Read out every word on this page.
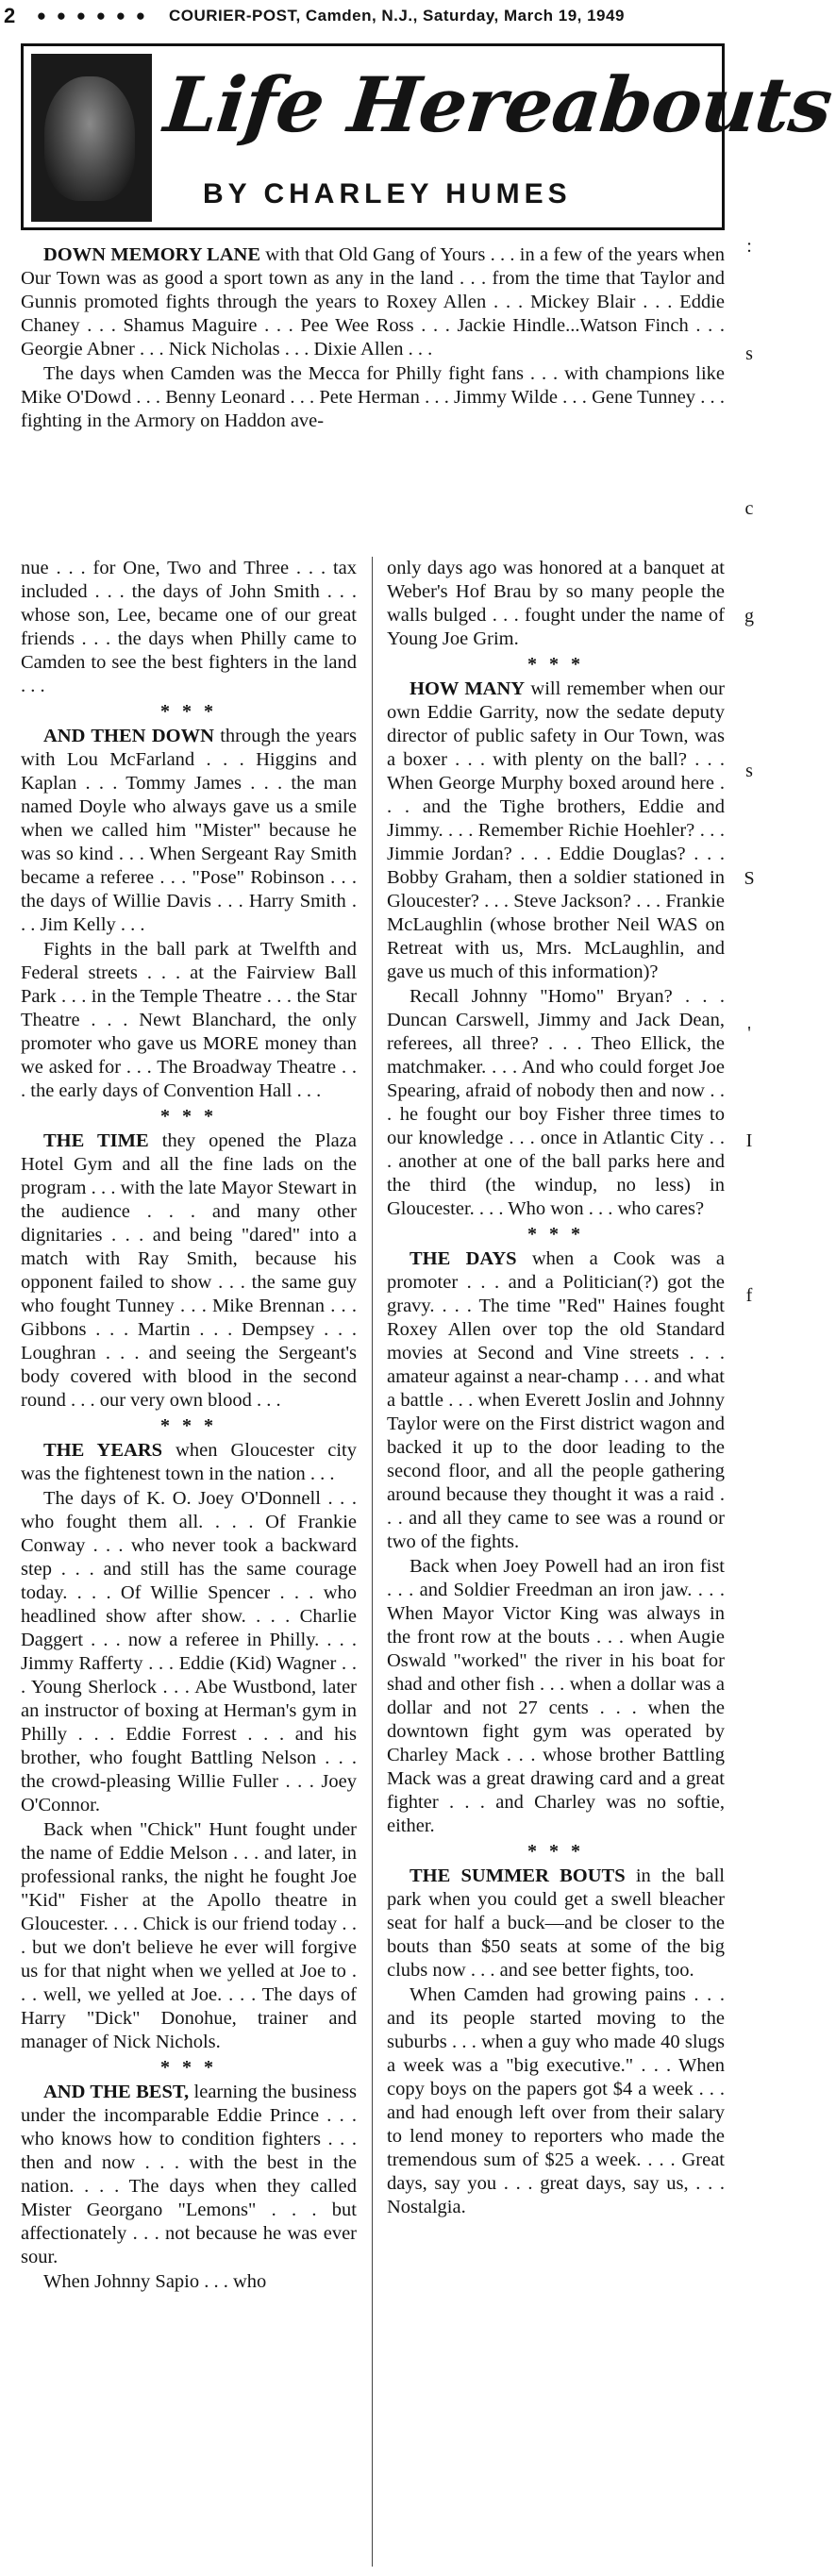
2 ● ● ● ● ● ● COURIER-POST, Camden, N.J., Saturday, March 19, 1949
:
s
c
g
s
S
'
I
f
Life Hereabouts
BY CHARLEY HUMES

DOWN MEMORY LANE with that Old Gang of Yours . . . in a few of the years when Our Town was as good a sport town as any in the land . . . from the time that Taylor and Gunnis promoted fights through the years to Roxey Allen . . . Mickey Blair . . . Eddie Chaney . . . Shamus Maguire . . . Pee Wee Ross . . . Jackie Hindle...Watson Finch . . . Georgie Abner . . . Nick Nicholas . . . Dixie Allen . . .

The days when Camden was the Mecca for Philly fight fans . . . with champions like Mike O'Dowd . . . Benny Leonard . . . Pete Herman . . . Jimmy Wilde . . . Gene Tunney . . . fighting in the Armory on Haddon ave-

nue . . . for One, Two and Three . . . tax included . . . the days of John Smith . . . whose son, Lee, became one of our great friends . . . the days when Philly came to Camden to see the best fighters in the land . . .

* * *

AND THEN DOWN through the years with Lou McFarland . . . Higgins and Kaplan . . . Tommy James . . . the man named Doyle who always gave us a smile when we called him "Mister" because he was so kind . . . When Sergeant Ray Smith became a referee . . . "Pose" Robinson . . . the days of Willie Davis . . . Harry Smith . . . Jim Kelly . . .

Fights in the ball park at Twelfth and Federal streets . . . at the Fairview Ball Park . . . in the Temple Theatre . . . the Star Theatre . . . Newt Blanchard, the only promoter who gave us MORE money than we asked for . . . The Broadway Theatre . . . the early days of Convention Hall . . .

* * *

THE TIME they opened the Plaza Hotel Gym and all the fine lads on the program . . . with the late Mayor Stewart in the audience . . . and many other dignitaries . . . and being "dared" into a match with Ray Smith, because his opponent failed to show . . . the same guy who fought Tunney . . . Mike Brennan . . . Gibbons . . . Martin . . . Dempsey . . . Loughran . . . and seeing the Sergeant's body covered with blood in the second round . . . our very own blood . . .

* * *

THE YEARS when Gloucester city was the fightenest town in the nation . . .

The days of K. O. Joey O'Donnell . . . who fought them all. . . . Of Frankie Conway . . . who never took a backward step . . . and still has the same courage today. . . . Of Willie Spencer . . . who headlined show after show. . . . Charlie Daggert . . . now a referee in Philly. . . . Jimmy Rafferty . . . Eddie (Kid) Wagner . . . Young Sherlock . . . Abe Wustbond, later an instructor of boxing at Herman's gym in Philly . . . Eddie Forrest . . . and his brother, who fought Battling Nelson . . . the crowd-pleasing Willie Fuller . . . Joey O'Connor.

Back when "Chick" Hunt fought under the name of Eddie Melson . . . and later, in professional ranks, the night he fought Joe "Kid" Fisher at the Apollo theatre in Gloucester. . . . Chick is our friend today . . . but we don't believe he ever will forgive us for that night when we yelled at Joe to . . . well, we yelled at Joe. . . . The days of Harry "Dick" Donohue, trainer and manager of Nick Nichols.

* * *

AND THE BEST, learning the business under the incomparable Eddie Prince . . . who knows how to condition fighters . . . then and now . . . with the best in the nation. . . . The days when they called Mister Georgano "Lemons" . . . but affectionately . . . not because he was ever sour.

When Johnny Sapio . . . who

only days ago was honored at a banquet at Weber's Hof Brau by so many people the walls bulged . . . fought under the name of Young Joe Grim.

* * *

HOW MANY will remember when our own Eddie Garrity, now the sedate deputy director of public safety in Our Town, was a boxer . . . with plenty on the ball? . . . When George Murphy boxed around here . . . and the Tighe brothers, Eddie and Jimmy. . . . Remember Richie Hoehler? . . . Jimmie Jordan? . . . Eddie Douglas? . . . Bobby Graham, then a soldier stationed in Gloucester? . . . Steve Jackson? . . . Frankie McLaughlin (whose brother Neil WAS on Retreat with us, Mrs. McLaughlin, and gave us much of this information)?

Recall Johnny "Homo" Bryan? . . . Duncan Carswell, Jimmy and Jack Dean, referees, all three? . . . Theo Ellick, the matchmaker. . . . And who could forget Joe Spearing, afraid of nobody then and now . . . he fought our boy Fisher three times to our knowledge . . . once in Atlantic City . . . another at one of the ball parks here and the third (the windup, no less) in Gloucester. . . . Who won . . . who cares?

* * *

THE DAYS when a Cook was a promoter . . . and a Politician(?) got the gravy. . . . The time "Red" Haines fought Roxey Allen over top the old Standard movies at Second and Vine streets . . . amateur against a near-champ . . . and what a battle . . . when Everett Joslin and Johnny Taylor were on the First district wagon and backed it up to the door leading to the second floor, and all the people gathering around because they thought it was a raid . . . and all they came to see was a round or two of the fights.

Back when Joey Powell had an iron fist . . . and Soldier Freedman an iron jaw. . . . When Mayor Victor King was always in the front row at the bouts . . . when Augie Oswald "worked" the river in his boat for shad and other fish . . . when a dollar was a dollar and not 27 cents . . . when the downtown fight gym was operated by Charley Mack . . . whose brother Battling Mack was a great drawing card and a great fighter . . . and Charley was no softie, either.

* * *

THE SUMMER BOUTS in the ball park when you could get a swell bleacher seat for half a buck—and be closer to the bouts than $50 seats at some of the big clubs now . . . and see better fights, too.

When Camden had growing pains . . . and its people started moving to the suburbs . . . when a guy who made 40 slugs a week was a "big executive." . . . When copy boys on the papers got $4 a week . . . and had enough left over from their salary to lend money to reporters who made the tremendous sum of $25 a week. . . . Great days, say you . . . great days, say us, . . . Nostalgia.
